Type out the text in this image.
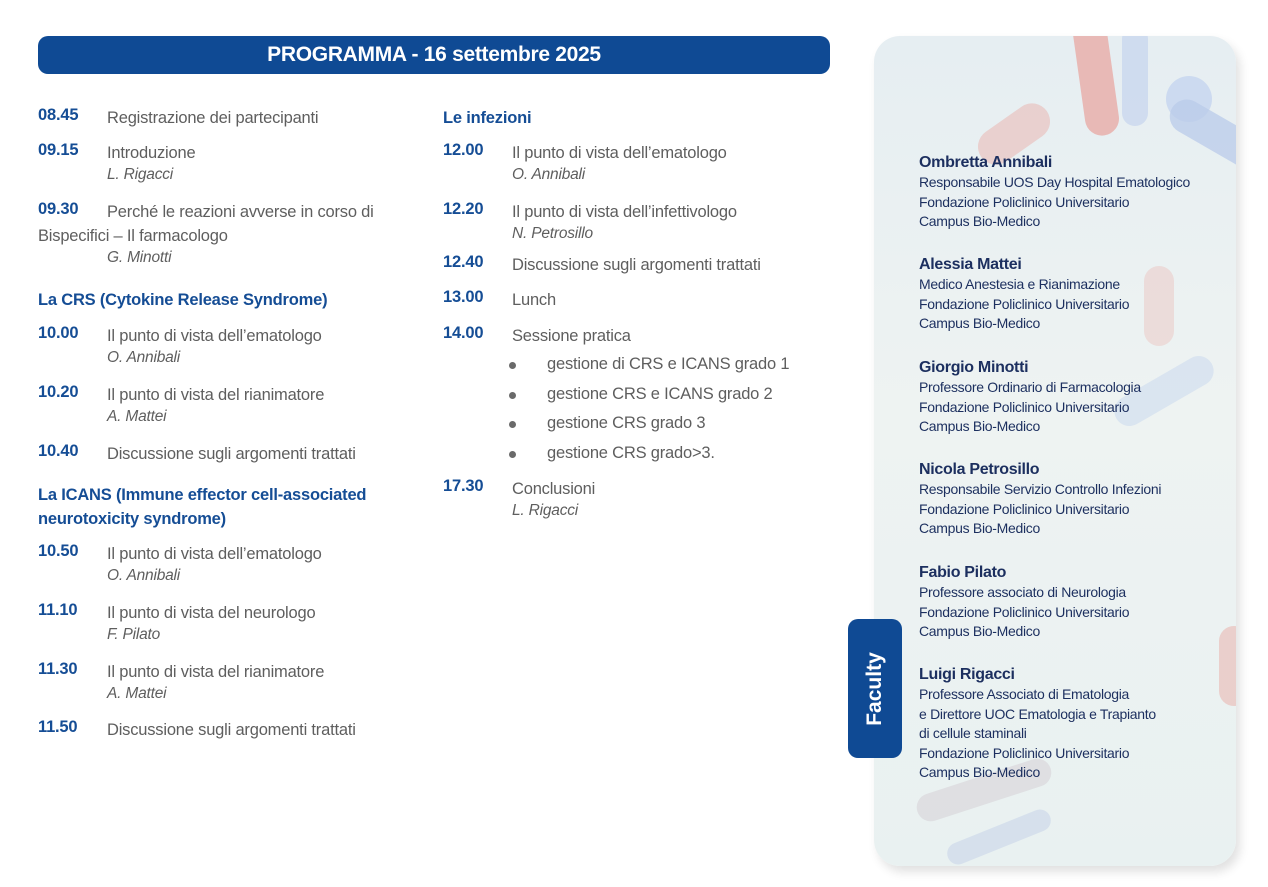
PROGRAMMA - 16 settembre 2025
08.45	Registrazione dei partecipanti
09.15	Introduzione
L. Rigacci
09.30	Perché le reazioni avverse in corso di Bispecifici – Il farmacologo
G. Minotti
La CRS (Cytokine Release Syndrome)
10.00	Il punto di vista dell’ematologo
O. Annibali
10.20	Il punto di vista del rianimatore
A. Mattei
10.40	Discussione sugli argomenti trattati
La ICANS (Immune effector cell-associated neurotoxicity syndrome)
10.50	Il punto di vista dell’ematologo
O. Annibali
11.10	Il punto di vista del neurologo
F. Pilato
11.30	Il punto di vista del rianimatore
A. Mattei
11.50	Discussione sugli argomenti trattati
Le infezioni
12.00	Il punto di vista dell’ematologo
O. Annibali
12.20	Il punto di vista dell’infettivologo
N. Petrosillo
12.40	Discussione sugli argomenti trattati
13.00	Lunch
14.00	Sessione pratica
gestione di CRS e ICANS grado 1
gestione CRS e ICANS grado 2
gestione CRS grado 3
gestione CRS grado>3.
17.30	Conclusioni
L. Rigacci
Faculty
Ombretta Annibali
Responsabile UOS Day Hospital Ematologico
Fondazione Policlinico Universitario
Campus Bio-Medico
Alessia Mattei
Medico Anestesia e Rianimazione
Fondazione Policlinico Universitario
Campus Bio-Medico
Giorgio Minotti
Professore Ordinario di Farmacologia
Fondazione Policlinico Universitario
Campus Bio-Medico
Nicola Petrosillo
Responsabile Servizio Controllo Infezioni
Fondazione Policlinico Universitario
Campus Bio-Medico
Fabio Pilato
Professore associato di Neurologia
Fondazione Policlinico Universitario
Campus Bio-Medico
Luigi Rigacci
Professore Associato di Ematologia
e Direttore UOC Ematologia e Trapianto
di cellule staminali
Fondazione Policlinico Universitario
Campus Bio-Medico
